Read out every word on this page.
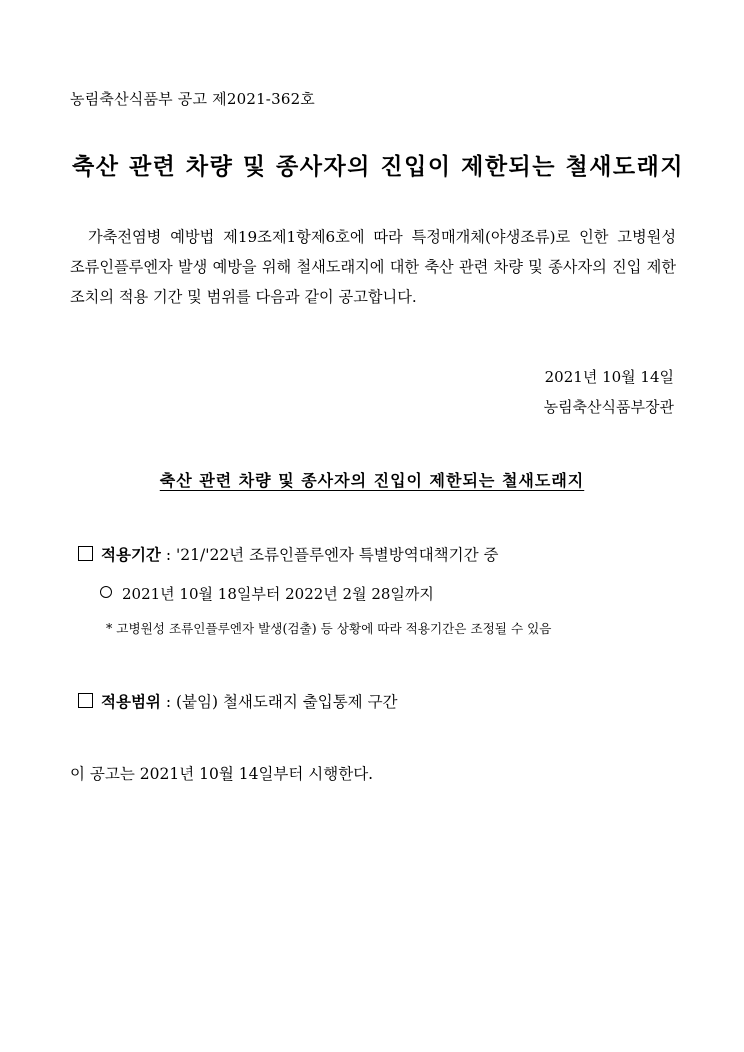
농림축산식품부 공고 제2021-362호
축산 관련 차량 및 종사자의 진입이 제한되는 철새도래지
가축전염병 예방법 제19조제1항제6호에 따라 특정매개체(야생조류)로 인한 고병원성 조류인플루엔자 발생 예방을 위해 철새도래지에 대한 축산 관련 차량 및 종사자의 진입 제한 조치의 적용 기간 및 범위를 다음과 같이 공고합니다.
2021년 10월 14일
농림축산식품부장관
축산 관련 차량 및 종사자의 진입이 제한되는 철새도래지
적용기간 : '21/'22년 조류인플루엔자 특별방역대책기간 중
2021년 10월 18일부터 2022년 2월 28일까지
* 고병원성 조류인플루엔자 발생(검출) 등 상황에 따라 적용기간은 조정될 수 있음
적용범위 : (붙임) 철새도래지 출입통제 구간
이 공고는 2021년 10월 14일부터 시행한다.
